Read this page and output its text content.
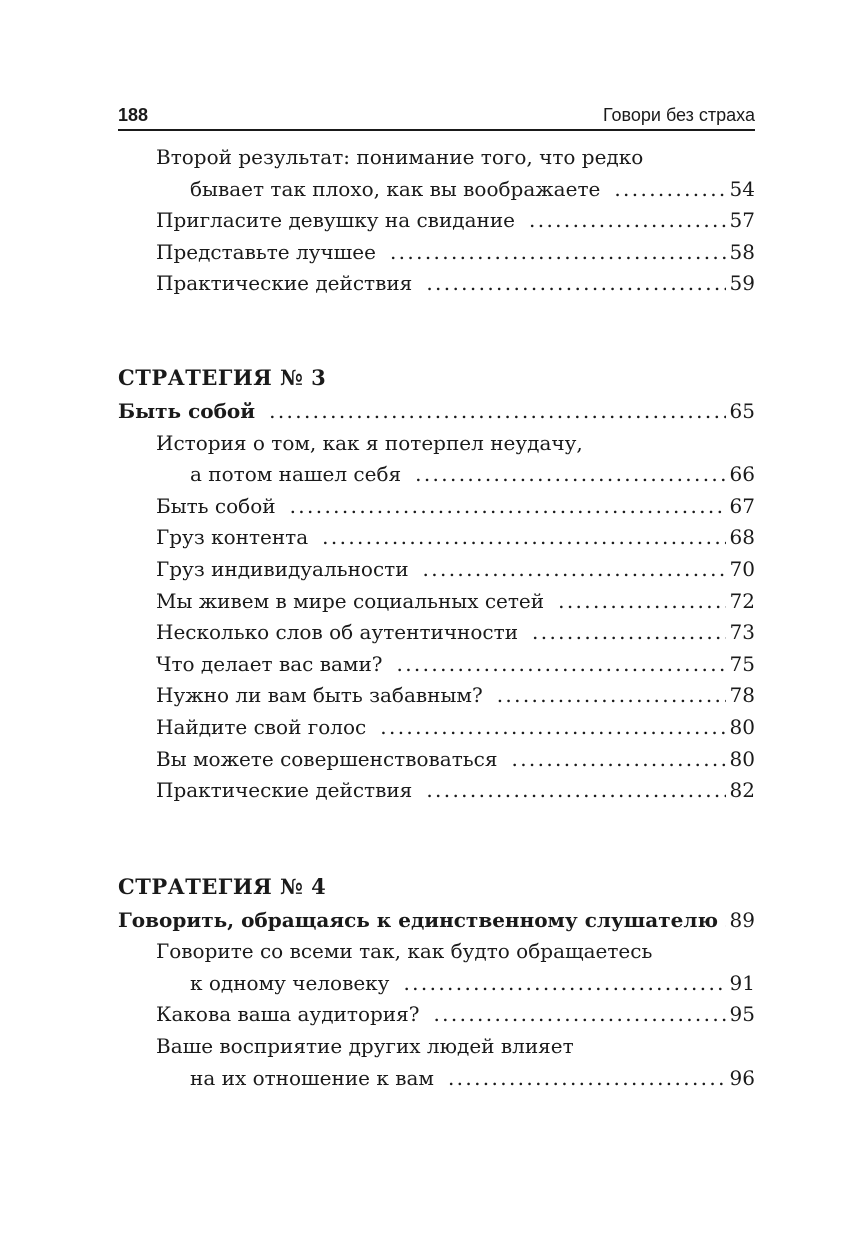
188	Говори без страха
Второй результат: понимание того, что редко
бывает так плохо, как вы воображаете . . .	54
Пригласите девушку на свидание . . .	57
Представьте лучшее . . .	58
Практические действия . . .	59
СТРАТЕГИЯ № 3
Быть собой . . .	65
История о том, как я потерпел неудачу,
а потом нашел себя . . .	66
Быть собой . . .	67
Груз контента . . .	68
Груз индивидуальности . . .	70
Мы живем в мире социальных сетей . . .	72
Несколько слов об аутентичности . . .	73
Что делает вас вами? . . .	75
Нужно ли вам быть забавным? . . .	78
Найдите свой голос . . .	80
Вы можете совершенствоваться . . .	80
Практические действия . . .	82
СТРАТЕГИЯ № 4
Говорить, обращаясь к единственному слушателю . . . 89
Говорите со всеми так, как будто обращаетесь
к одному человеку . . .	91
Какова ваша аудитория? . . .	95
Ваше восприятие других людей влияет
на их отношение к вам . . .	96
